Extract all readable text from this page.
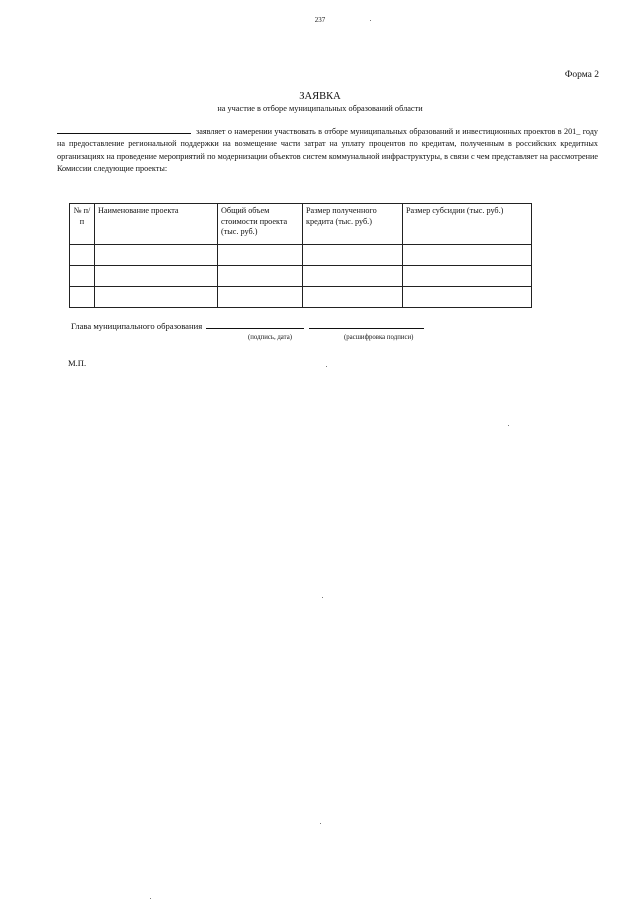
237
Форма 2
ЗАЯВКА
на участие в отборе муниципальных образований области
заявляет о намерении участвовать в отборе муниципальных образований и инвестиционных проектов в 201_ году на предоставление региональной поддержки на возмещение части затрат на уплату процентов по кредитам, полученным в российских кредитных организациях на проведение мероприятий по модернизации объектов систем коммунальной инфраструктуры, в связи с чем представляет на рассмотрение Комиссии следующие проекты:
№ п/п	Наименование проекта	Общий объем стоимости проекта (тыс. руб.)	Размер полученного кредита (тыс. руб.)	Размер субсидии (тыс. руб.)

Глава муниципального образования
(подпись, дата)	(расшифровка подписи)
М.П.
